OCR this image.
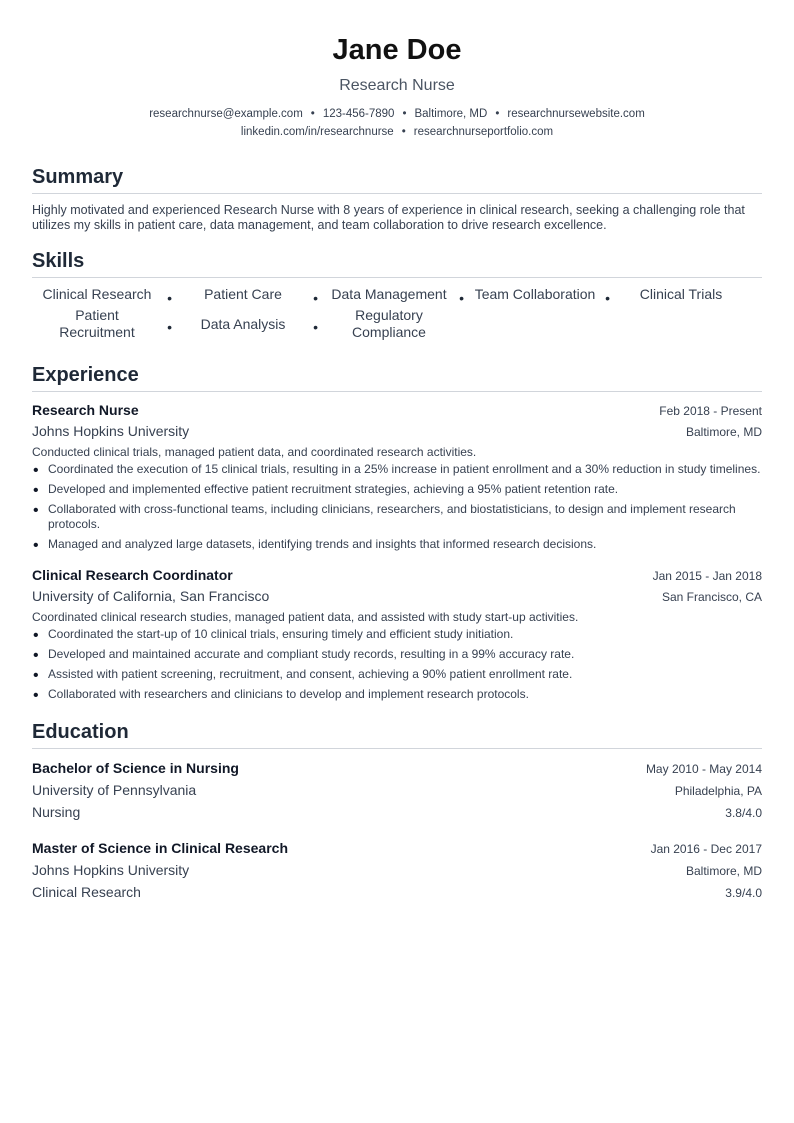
Jane Doe
Research Nurse
researchnurse@example.com • 123-456-7890 • Baltimore, MD • researchnursewebsite.com
linkedin.com/in/researchnurse • researchnurseportfolio.com
Summary
Highly motivated and experienced Research Nurse with 8 years of experience in clinical research, seeking a challenging role that utilizes my skills in patient care, data management, and team collaboration to drive research excellence.
Skills
Clinical Research •	Patient Care • Data Management • Team Collaboration •	Clinical Trials
Patient Recruitment •	Data Analysis •
Regulatory Compliance
Experience
Research Nurse	Feb 2018 - Present
Johns Hopkins University	Baltimore, MD
Conducted clinical trials, managed patient data, and coordinated research activities.
• Coordinated the execution of 15 clinical trials, resulting in a 25% increase in patient enrollment and a 30% reduction in study timelines.
• Developed and implemented effective patient recruitment strategies, achieving a 95% patient retention rate.
• Collaborated with cross-functional teams, including clinicians, researchers, and biostatisticians, to design and implement research protocols.
• Managed and analyzed large datasets, identifying trends and insights that informed research decisions.
Clinical Research Coordinator	Jan 2015 - Jan 2018
University of California, San Francisco	San Francisco, CA
Coordinated clinical research studies, managed patient data, and assisted with study start-up activities.
• Coordinated the start-up of 10 clinical trials, ensuring timely and efficient study initiation.
• Developed and maintained accurate and compliant study records, resulting in a 99% accuracy rate.
• Assisted with patient screening, recruitment, and consent, achieving a 90% patient enrollment rate.
• Collaborated with researchers and clinicians to develop and implement research protocols.
Education
Bachelor of Science in Nursing	May 2010 - May 2014
University of Pennsylvania	Philadelphia, PA
Nursing	3.8/4.0
Master of Science in Clinical Research	Jan 2016 - Dec 2017
Johns Hopkins University	Baltimore, MD
Clinical Research	3.9/4.0
